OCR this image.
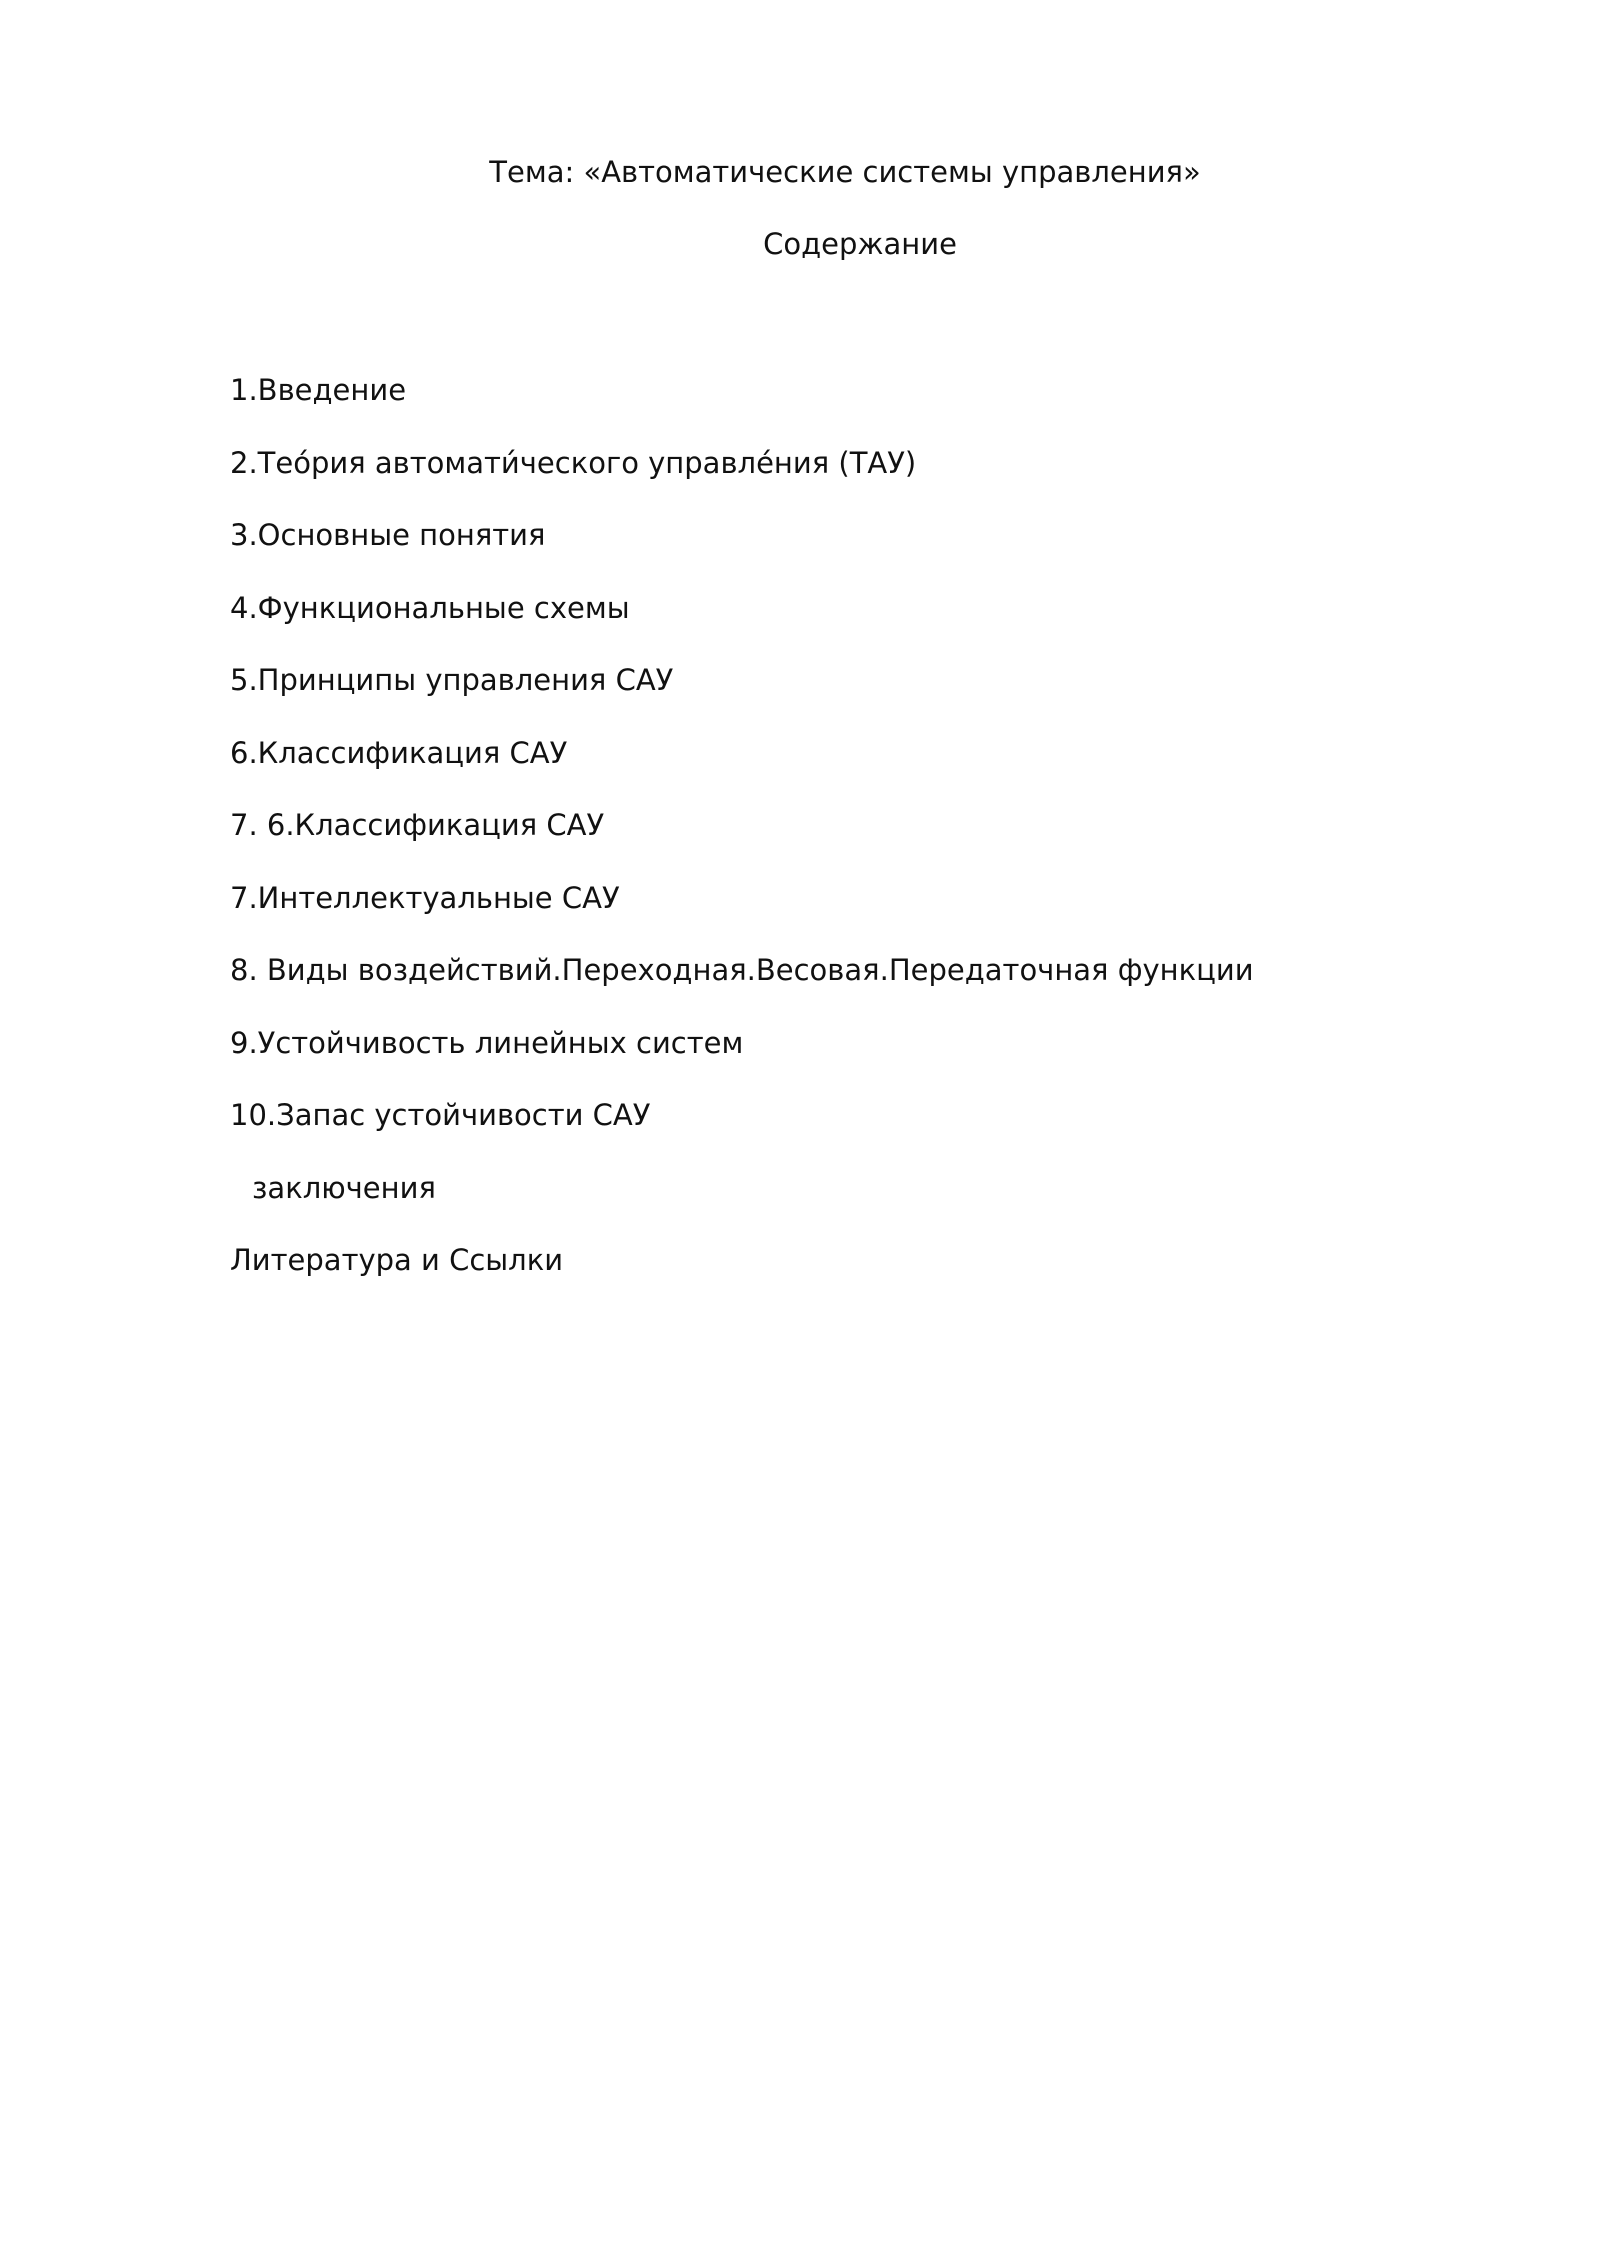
Тема: «Автоматические системы управления»
Содержание
1.Введение
2.Тео́рия автомати́ческого управле́ния (ТАУ)
3.Основные понятия
4.Функциональные схемы
5.Принципы управления САУ
6.Классификация САУ
7. 6.Классификация САУ
7.Интеллектуальные САУ
8. Виды воздействий.Переходная.Весовая.Передаточная функции
9.Устойчивость линейных систем
10.Запас устойчивости САУ
заключения
Литература и Ссылки
